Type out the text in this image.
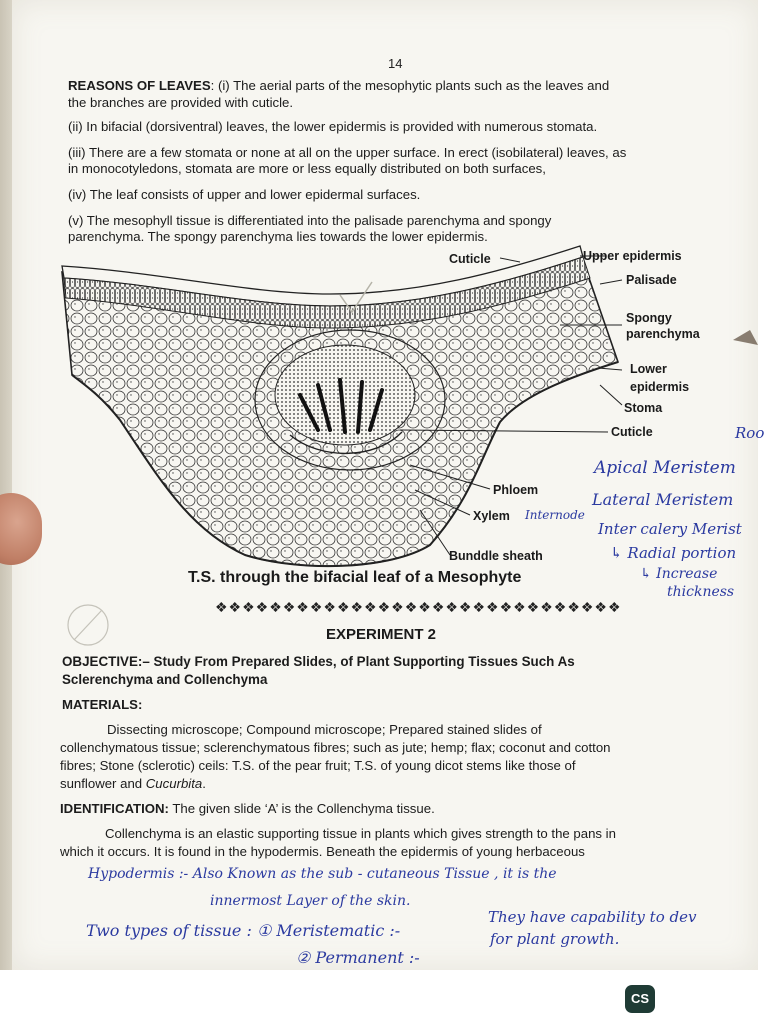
14
REASONS OF LEAVES: (i) The aerial parts of the mesophytic plants such as the leaves and
the branches are provided with cuticle.
(ii) In bifacial (dorsiventral) leaves, the lower epidermis is provided with numerous stomata.
(iii) There are a few stomata or none at all on the upper surface. In erect (isobilateral) leaves, as
in monocotyledons, stomata are more or less equally distributed on both surfaces,
(iv) The leaf consists of upper and lower epidermal surfaces.
(v) The mesophyll tissue is differentiated into the palisade parenchyma and spongy
parenchyma. The spongy parenchyma lies towards the lower epidermis.
Cuticle	Upper epidermis
Palisade
Spongy
parenchyma
Lower
epidermis
Stoma
Cuticle
Phloem
Xylem
Bunddle sheath
T.S. through the bifacial leaf of a Mesophyte
❖❖❖❖❖❖❖❖❖❖❖❖❖❖❖❖❖❖❖❖❖❖❖❖❖❖❖❖❖❖
EXPERIMENT 2
OBJECTIVE:– Study From Prepared Slides, of Plant Supporting Tissues Such As
Sclerenchyma and Collenchyma
MATERIALS:
Dissecting microscope; Compound microscope; Prepared stained slides of
collenchymatous tissue; sclerenchymatous fibres; such as jute; hemp; flax; coconut and cotton
fibres; Stone (sclerotic) ceils: T.S. of the pear fruit; T.S. of young dicot stems like those of
sunflower and Cucurbita.
IDENTIFICATION: The given slide ‘A’ is the Collenchyma tissue.
Collenchyma is an elastic supporting tissue in plants which gives strength to the pans in
which it occurs. It is found in the hypodermis. Beneath the epidermis of young herbaceous
Roo
Apical Meristem
Lateral Meristem
Internode
Inter calery Merist
↳ Radial portion
↳ Increase
thickness
Hypodermis :- Also Known as the sub - cutaneous Tissue , it is the
innermost Layer of the skin.
Two types of tissue : ① Meristematic :-
They have capability to dev
for plant growth.
② Permanent :-
CS
